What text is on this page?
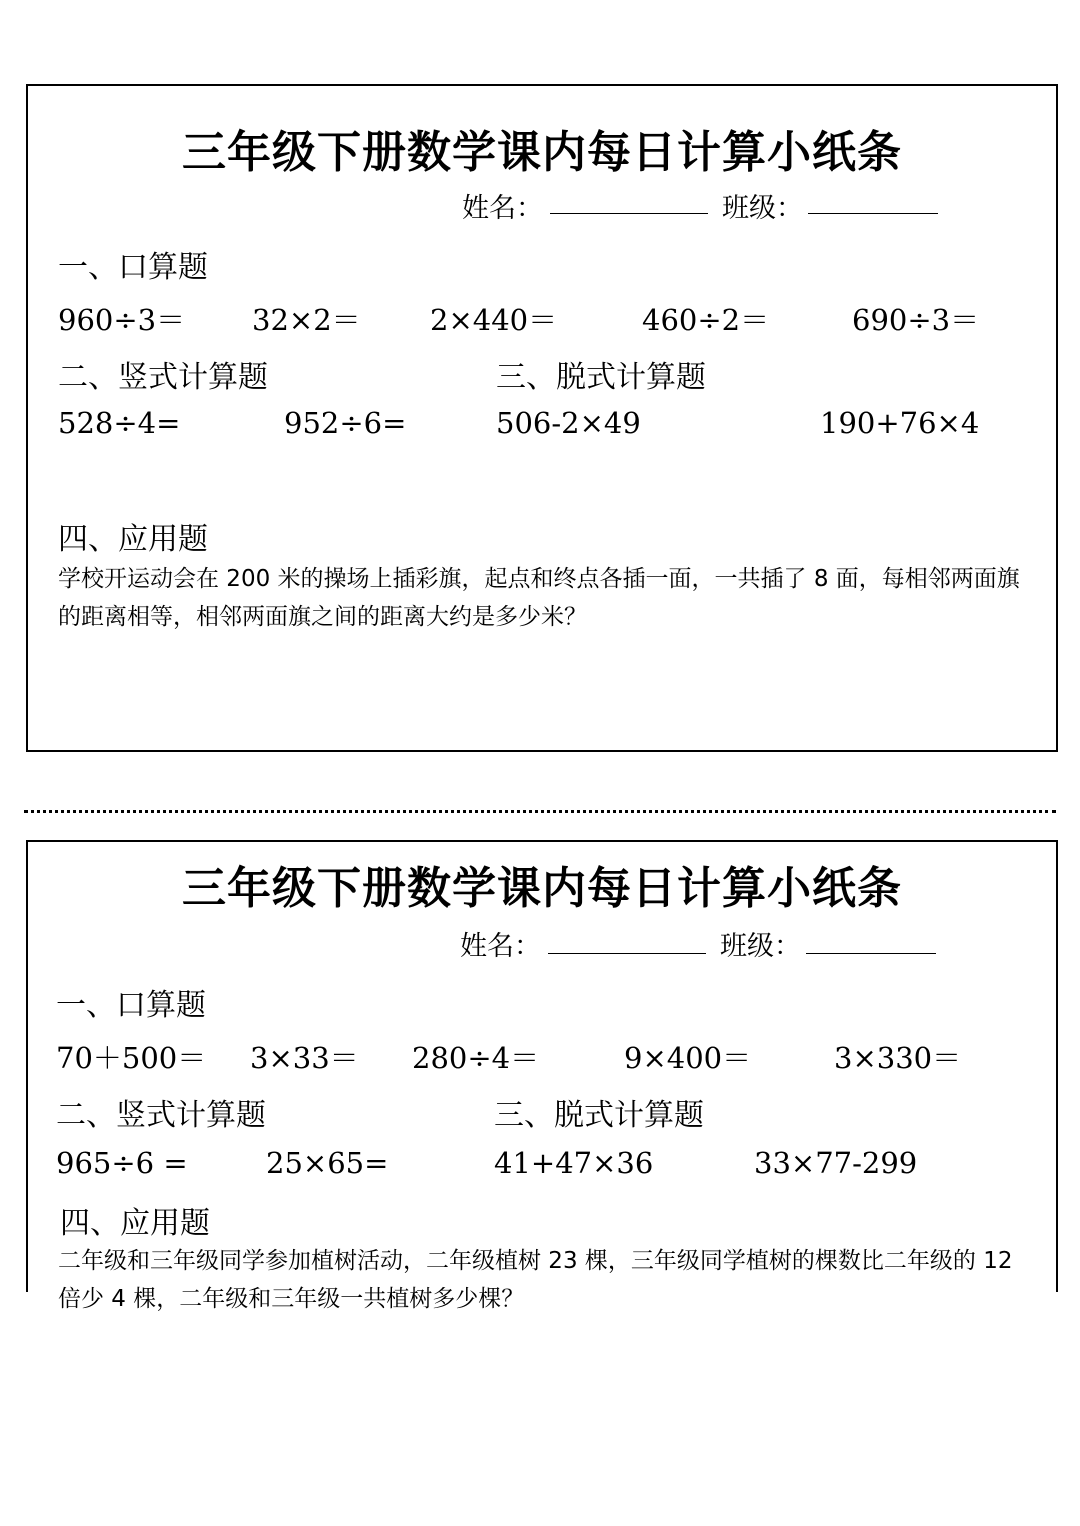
三年级下册数学课内每日计算小纸条
姓名：	班级：
一、口算题
960÷3＝ 32×2＝ 2×440＝	460÷2＝	690÷3＝
二、竖式计算题	三、脱式计算题
528÷4=	952÷6=	506-2×49	190+76×4
四、应用题
学校开运动会在 200 米的操场上插彩旗，起点和终点各插一面，一共插了 8 面，每相邻两面旗的距离相等，相邻两面旗之间的距离大约是多少米？
三年级下册数学课内每日计算小纸条
姓名：	班级：
一、口算题
70＋500＝ 3×33＝ 280÷4＝	9×400＝	3×330＝
二、竖式计算题	三、脱式计算题
965÷6 =	25×65=	41+47×36	33×77-299
四、应用题
二年级和三年级同学参加植树活动，二年级植树 23 棵，三年级同学植树的棵数比二年级的 12 倍少 4 棵，二年级和三年级一共植树多少棵？
